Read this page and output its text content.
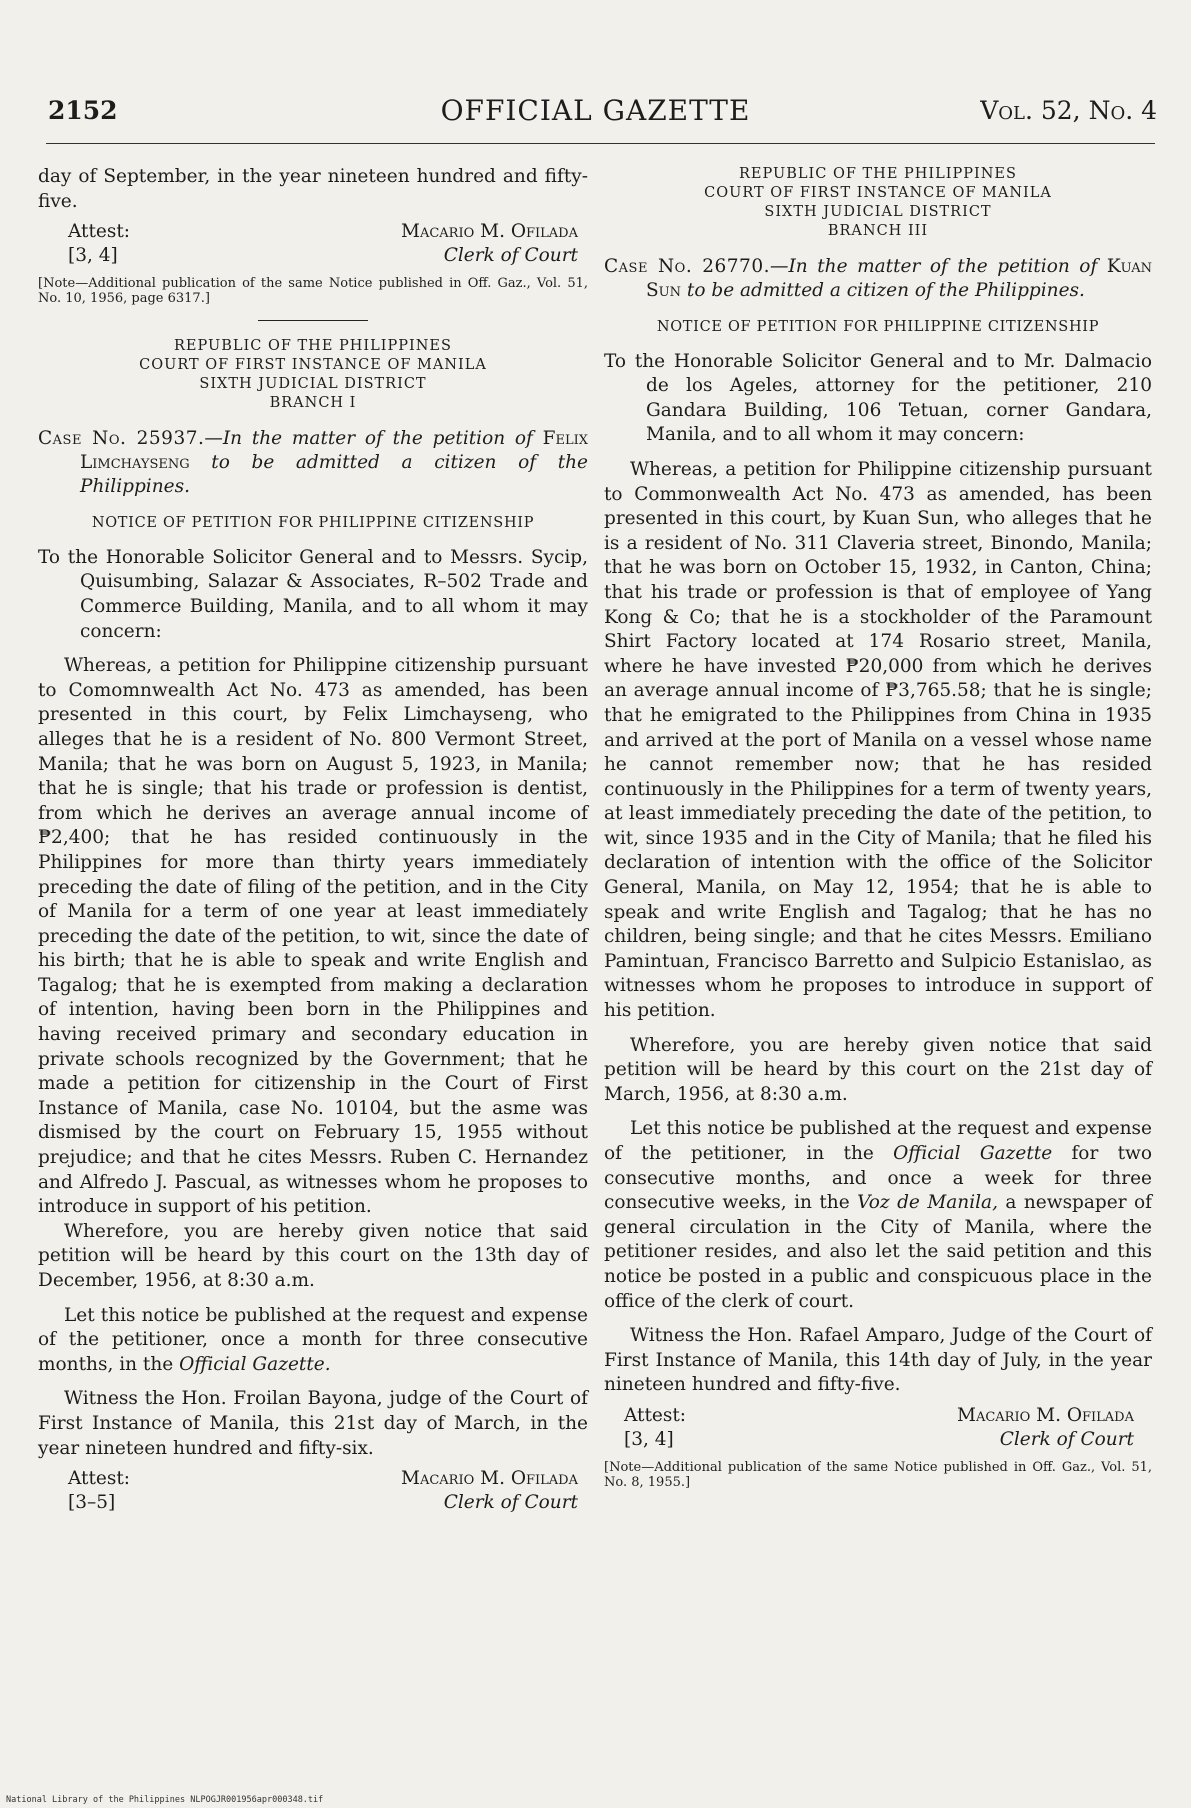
2152	OFFICIAL GAZETTE	Vol. 52, No. 4

day of September, in the year nineteen hundred and fifty-five.

Attest:
[3, 4]
Macario M. Ofilada
Clerk of Court

[Note—Additional publication of the same Notice published in Off. Gaz., Vol. 51, No. 10, 1956, page 6317.]

REPUBLIC OF THE PHILIPPINES
COURT OF FIRST INSTANCE OF MANILA
SIXTH JUDICIAL DISTRICT
BRANCH I

Case No. 25937.—In the matter of the petition of Felix Limchayseng to be admitted a citizen of the Philippines.

NOTICE OF PETITION FOR PHILIPPINE CITIZENSHIP

To the Honorable Solicitor General and to Messrs. Sycip, Quisumbing, Salazar & Associates, R–502 Trade and Commerce Building, Manila, and to all whom it may concern:

Whereas, a petition for Philippine citizenship pursuant to Comomnwealth Act No. 473 as amended, has been presented in this court, by Felix Limchayseng, who alleges that he is a resident of No. 800 Vermont Street, Manila; that he was born on August 5, 1923, in Manila; that he is single; that his trade or profession is dentist, from which he derives an average annual income of ₱2,400; that he has resided continuously in the Philippines for more than thirty years immediately preceding the date of filing of the petition, and in the City of Manila for a term of one year at least immediately preceding the date of the petition, to wit, since the date of his birth; that he is able to speak and write English and Tagalog; that he is exempted from making a declaration of intention, having been born in the Philippines and having received primary and secondary education in private schools recognized by the Government; that he made a petition for citizenship in the Court of First Instance of Manila, case No. 10104, but the asme was dismised by the court on February 15, 1955 without prejudice; and that he cites Messrs. Ruben C. Hernandez and Alfredo J. Pascual, as witnesses whom he proposes to introduce in support of his petition.

Wherefore, you are hereby given notice that said petition will be heard by this court on the 13th day of December, 1956, at 8:30 a.m.

Let this notice be published at the request and expense of the petitioner, once a month for three consecutive months, in the Official Gazette.

Witness the Hon. Froilan Bayona, judge of the Court of First Instance of Manila, this 21st day of March, in the year nineteen hundred and fifty-six.

Attest:
[3–5]
Macario M. Ofilada
Clerk of Court
REPUBLIC OF THE PHILIPPINES
COURT OF FIRST INSTANCE OF MANILA
SIXTH JUDICIAL DISTRICT
BRANCH III

Case No. 26770.—In the matter of the petition of Kuan Sun to be admitted a citizen of the Philippines.

NOTICE OF PETITION FOR PHILIPPINE CITIZENSHIP

To the Honorable Solicitor General and to Mr. Dalmacio de los Ageles, attorney for the petitioner, 210 Gandara Building, 106 Tetuan, corner Gandara, Manila, and to all whom it may concern:

Whereas, a petition for Philippine citizenship pursuant to Commonwealth Act No. 473 as amended, has been presented in this court, by Kuan Sun, who alleges that he is a resident of No. 311 Claveria street, Binondo, Manila; that he was born on October 15, 1932, in Canton, China; that his trade or profession is that of employee of Yang Kong & Co; that he is a stockholder of the Paramount Shirt Factory located at 174 Rosario street, Manila, where he have invested ₱20,000 from which he derives an average annual income of ₱3,765.58; that he is single; that he emigrated to the Philippines from China in 1935 and arrived at the port of Manila on a vessel whose name he cannot remember now; that he has resided continuously in the Philippines for a term of twenty years, at least immediately preceding the date of the petition, to wit, since 1935 and in the City of Manila; that he filed his declaration of intention with the office of the Solicitor General, Manila, on May 12, 1954; that he is able to speak and write English and Tagalog; that he has no children, being single; and that he cites Messrs. Emiliano Pamintuan, Francisco Barretto and Sulpicio Estanislao, as witnesses whom he proposes to introduce in support of his petition.

Wherefore, you are hereby given notice that said petition will be heard by this court on the 21st day of March, 1956, at 8:30 a.m.

Let this notice be published at the request and expense of the petitioner, in the Official Gazette for two consecutive months, and once a week for three consecutive weeks, in the Voz de Manila, a newspaper of general circulation in the City of Manila, where the petitioner resides, and also let the said petition and this notice be posted in a public and conspicuous place in the office of the clerk of court.

Witness the Hon. Rafael Amparo, Judge of the Court of First Instance of Manila, this 14th day of July, in the year nineteen hundred and fifty-five.

Attest:
[3, 4]
Macario M. Ofilada
Clerk of Court

[Note—Additional publication of the same Notice published in Off. Gaz., Vol. 51, No. 8, 1955.]

National Library of the Philippines NLPOGJR001956apr000348.tif
